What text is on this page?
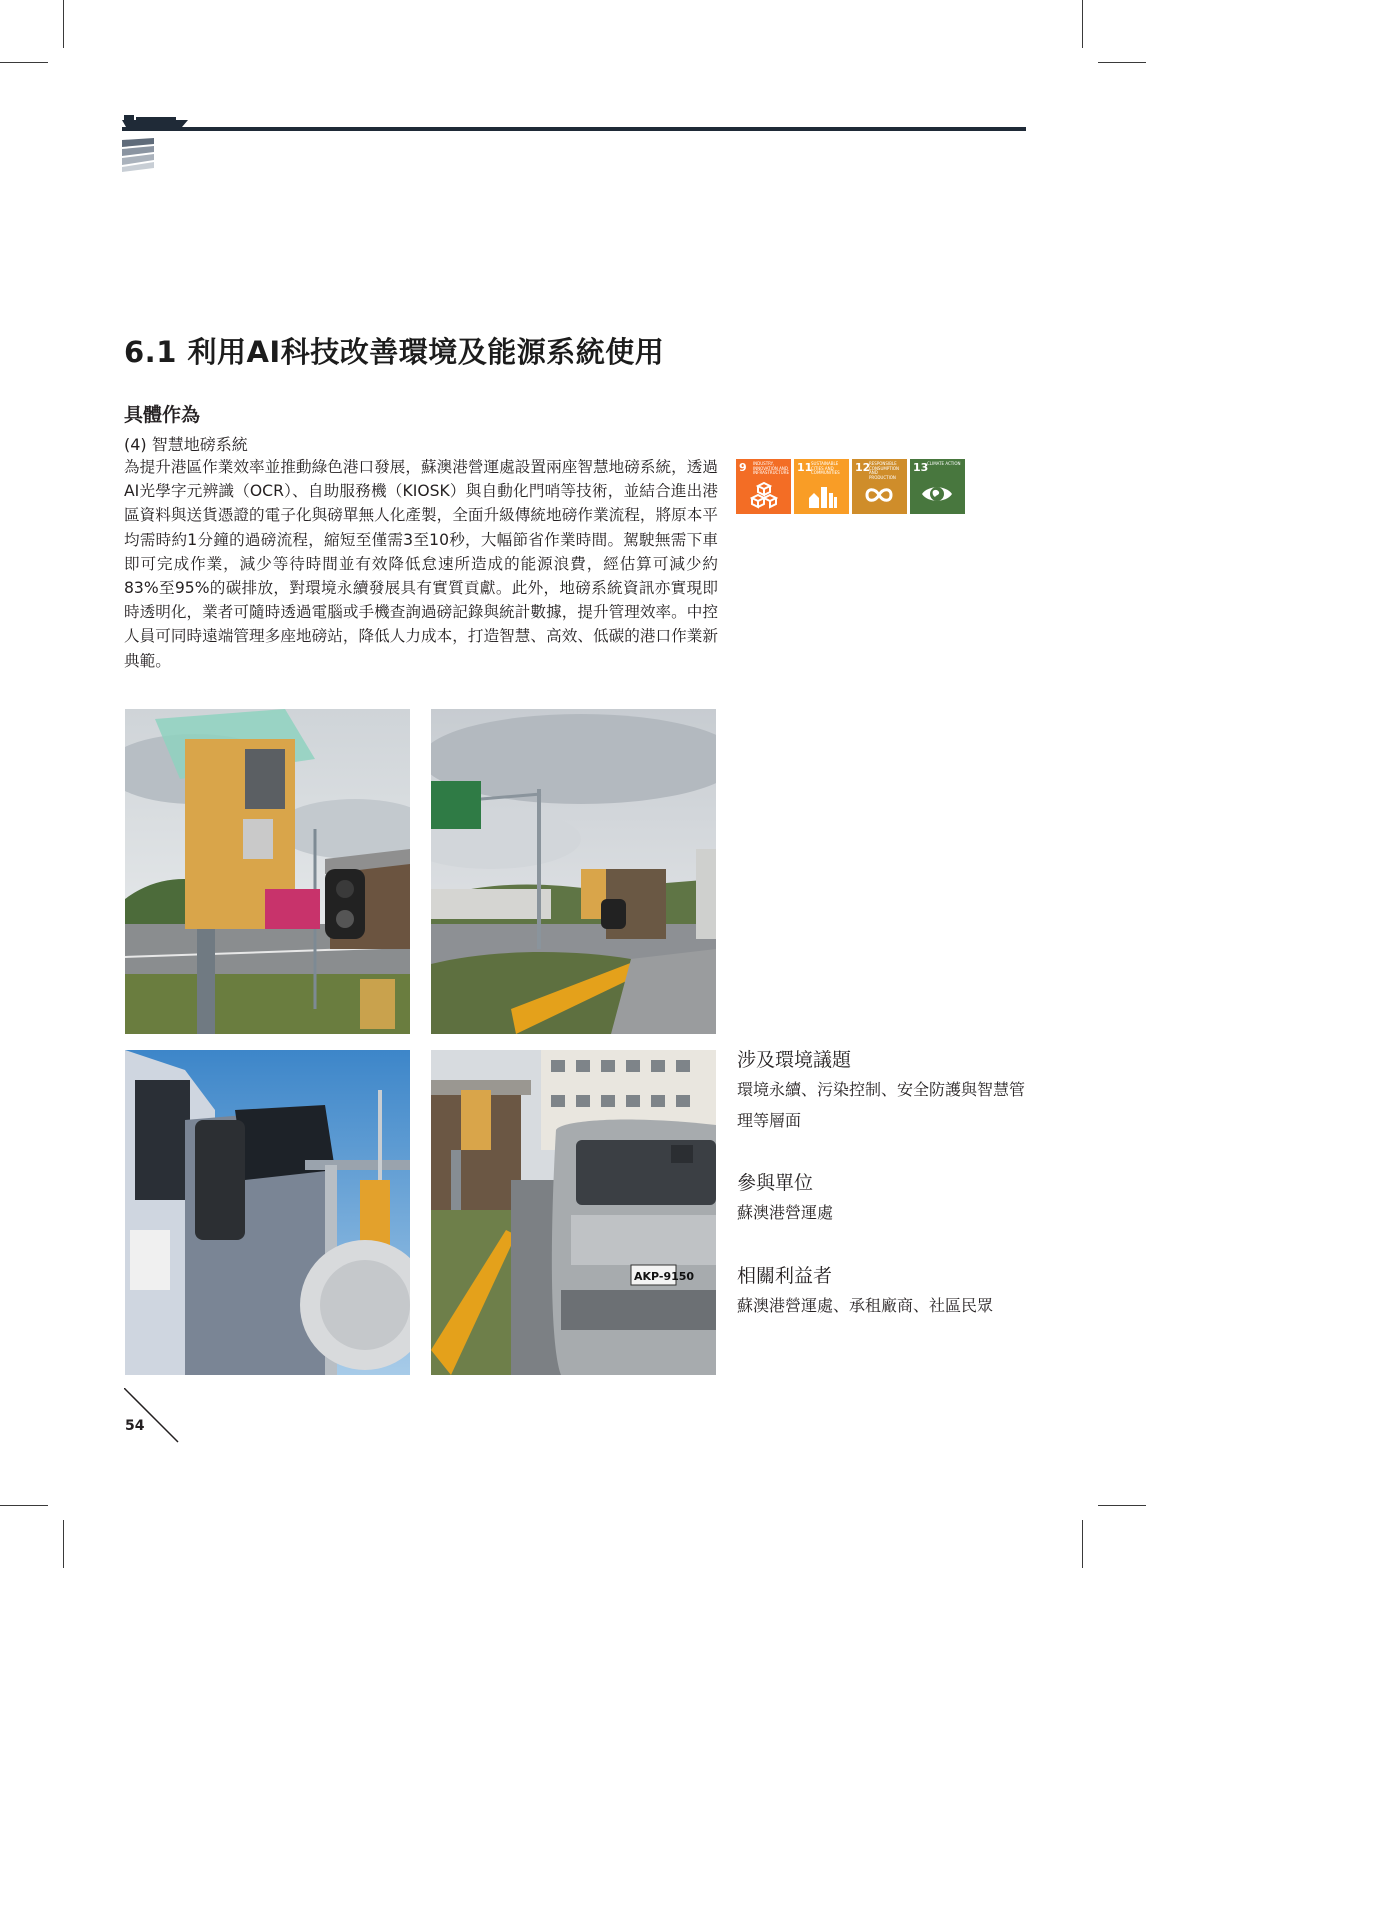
6.1 利用AI科技改善環境及能源系統使用
具體作為
(4) 智慧地磅系統
為提升港區作業效率並推動綠色港口發展，蘇澳港營運處設置兩座智慧地磅系統，透過AI光學字元辨識（OCR）、自助服務機（KIOSK）與自動化門哨等技術，並結合進出港區資料與送貨憑證的電子化與磅單無人化產製，全面升級傳統地磅作業流程，將原本平均需時約1分鐘的過磅流程，縮短至僅需3至10秒，大幅節省作業時間。駕駛無需下車即可完成作業，減少等待時間並有效降低怠速所造成的能源浪費，經估算可減少約83%至95%的碳排放，對環境永續發展具有實質貢獻。此外，地磅系統資訊亦實現即時透明化，業者可隨時透過電腦或手機查詢過磅記錄與統計數據，提升管理效率。中控人員可同時遠端管理多座地磅站，降低人力成本，打造智慧、高效、低碳的港口作業新典範。
9 INDUSTRY, INNOVATION AND INFRASTRUCTURE 11
SUSTAINABLE CITIES AND COMMUNITIES	12
RESPONSIBLE CONSUMPTION AND PRODUCTION
13
CLIMATE ACTION
AKP-9150
涉及環境議題
環境永續、污染控制、安全防護與智慧管理等層面
參與單位
蘇澳港營運處
相關利益者
蘇澳港營運處、承租廠商、社區民眾
54
